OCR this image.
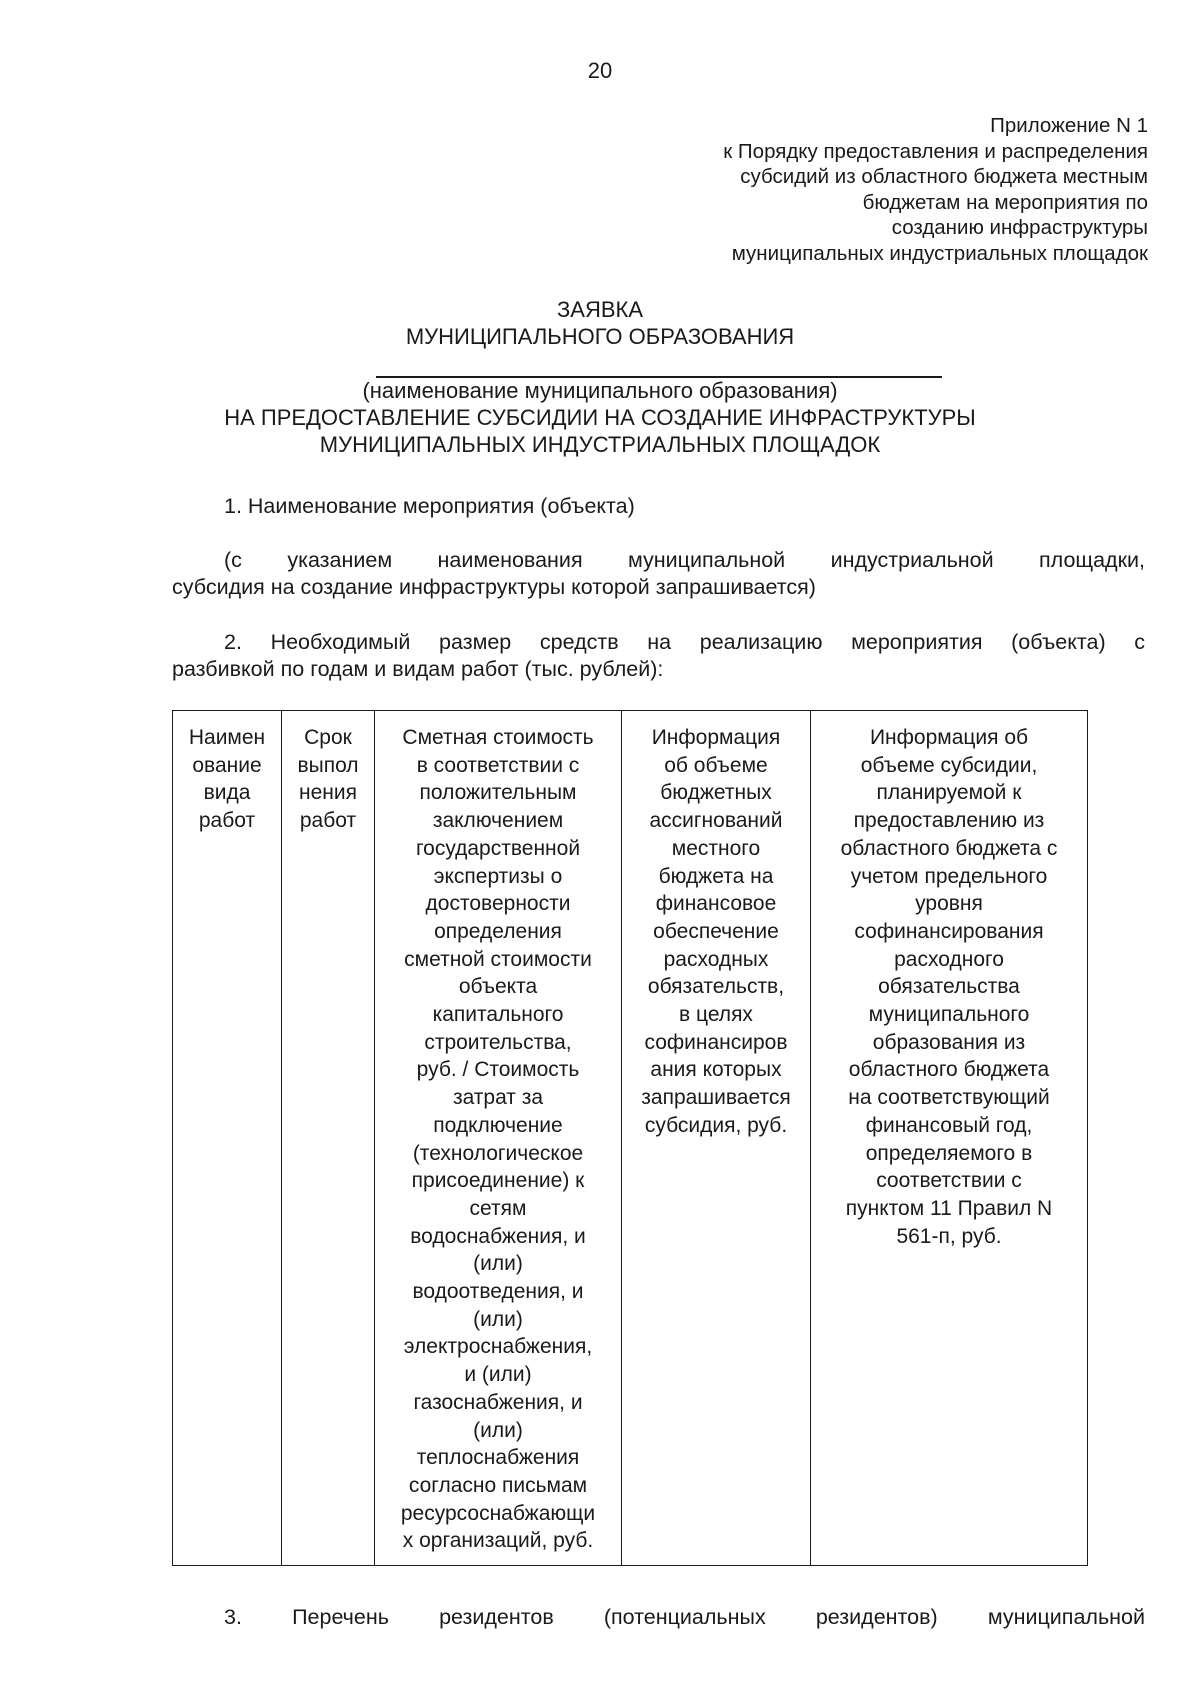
20
Приложение N 1
к Порядку предоставления и распределения
субсидий из областного бюджета местным
бюджетам на мероприятия по
созданию инфраструктуры
муниципальных индустриальных площадок
ЗАЯВКА
МУНИЦИПАЛЬНОГО ОБРАЗОВАНИЯ
(наименование муниципального образования)
НА ПРЕДОСТАВЛЕНИЕ СУБСИДИИ НА СОЗДАНИЕ ИНФРАСТРУКТУРЫ
МУНИЦИПАЛЬНЫХ ИНДУСТРИАЛЬНЫХ ПЛОЩАДОК
1. Наименование мероприятия (объекта)
(с указанием наименования муниципальной индустриальной площадки,
субсидия на создание инфраструктуры которой запрашивается)
2. Необходимый размер средств на реализацию мероприятия (объекта) с
разбивкой по годам и видам работ (тыс. рублей):
Наимен
ование
вида
работ

Срок
выпол
нения
работ

Сметная стоимость
в соответствии с
положительным
заключением
государственной
экспертизы о
достоверности
определения
сметной стоимости
объекта
капитального
строительства,
руб. / Стоимость
затрат за
подключение
(технологическое
присоединение) к
сетям
водоснабжения, и
(или)
водоотведения, и
(или)
электроснабжения,
и (или)
газоснабжения, и
(или)
теплоснабжения
согласно письмам
ресурсоснабжающи
х организаций, руб.

Информация
об объеме
бюджетных
ассигнований
местного
бюджета на
финансовое
обеспечение
расходных
обязательств,
в целях
софинансиров
ания которых
запрашивается
субсидия, руб.

Информация об
объеме субсидии,
планируемой к
предоставлению из
областного бюджета с
учетом предельного
уровня
софинансирования
расходного
обязательства
муниципального
образования из
областного бюджета
на соответствующий
финансовый год,
определяемого в
соответствии с
пунктом 11 Правил N
561-п, руб.
3. Перечень резидентов (потенциальных резидентов) муниципальной
